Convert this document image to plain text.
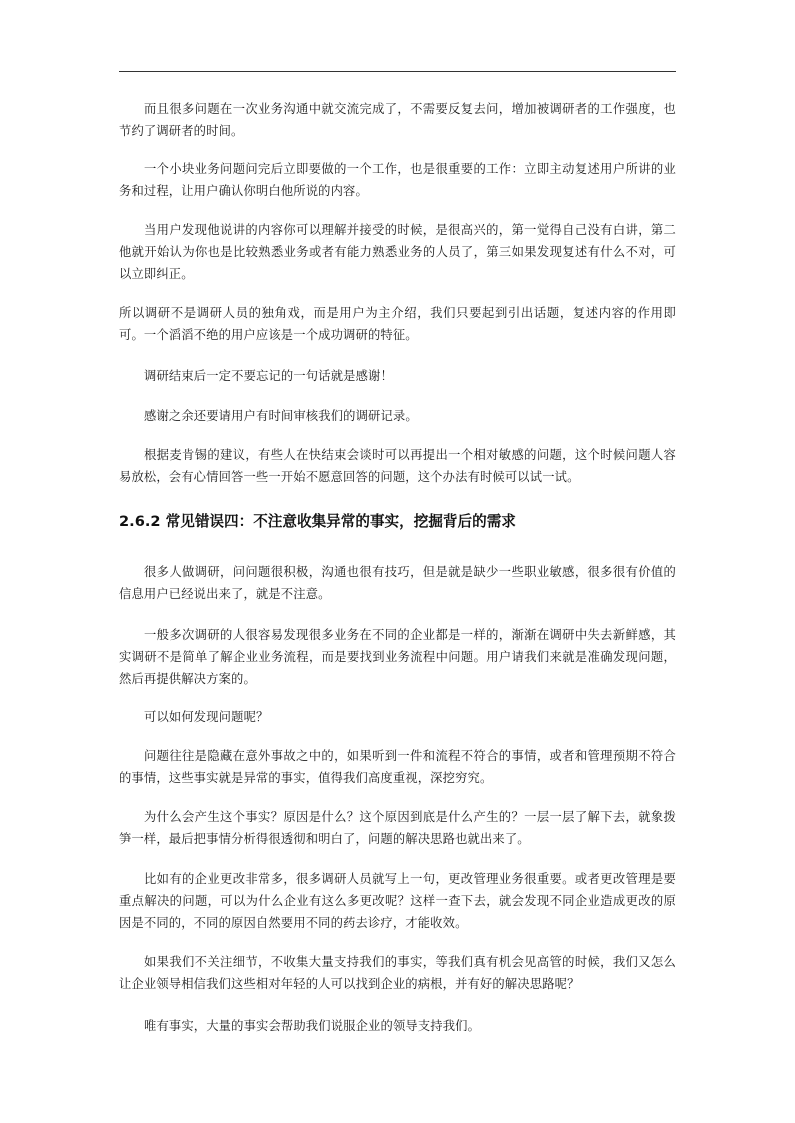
而且很多问题在一次业务沟通中就交流完成了，不需要反复去问，增加被调研者的工作强度，也节约了调研者的时间。

一个小块业务问题问完后立即要做的一个工作，也是很重要的工作：立即主动复述用户所讲的业务和过程，让用户确认你明白他所说的内容。

当用户发现他说讲的内容你可以理解并接受的时候，是很高兴的，第一觉得自己没有白讲，第二他就开始认为你也是比较熟悉业务或者有能力熟悉业务的人员了，第三如果发现复述有什么不对，可以立即纠正。

所以调研不是调研人员的独角戏，而是用户为主介绍，我们只要起到引出话题，复述内容的作用即可。一个滔滔不绝的用户应该是一个成功调研的特征。

调研结束后一定不要忘记的一句话就是感谢！

感谢之余还要请用户有时间审核我们的调研记录。

根据麦肯锡的建议，有些人在快结束会谈时可以再提出一个相对敏感的问题，这个时候问题人容易放松，会有心情回答一些一开始不愿意回答的问题，这个办法有时候可以试一试。

2.6.2 常见错误四：不注意收集异常的事实，挖掘背后的需求

很多人做调研，问问题很积极，沟通也很有技巧，但是就是缺少一些职业敏感，很多很有价值的信息用户已经说出来了，就是不注意。

一般多次调研的人很容易发现很多业务在不同的企业都是一样的，渐渐在调研中失去新鲜感，其实调研不是简单了解企业业务流程，而是要找到业务流程中问题。用户请我们来就是准确发现问题，然后再提供解决方案的。

可以如何发现问题呢？

问题往往是隐藏在意外事故之中的，如果听到一件和流程不符合的事情，或者和管理预期不符合的事情，这些事实就是异常的事实，值得我们高度重视，深挖穷究。

为什么会产生这个事实？原因是什么？这个原因到底是什么产生的？一层一层了解下去，就象拨笋一样，最后把事情分析得很透彻和明白了，问题的解决思路也就出来了。

比如有的企业更改非常多，很多调研人员就写上一句，更改管理业务很重要。或者更改管理是要重点解决的问题，可以为什么企业有这么多更改呢？这样一查下去，就会发现不同企业造成更改的原因是不同的，不同的原因自然要用不同的药去诊疗，才能收效。

如果我们不关注细节，不收集大量支持我们的事实，等我们真有机会见高管的时候，我们又怎么让企业领导相信我们这些相对年轻的人可以找到企业的病根，并有好的解决思路呢？

唯有事实，大量的事实会帮助我们说服企业的领导支持我们。
